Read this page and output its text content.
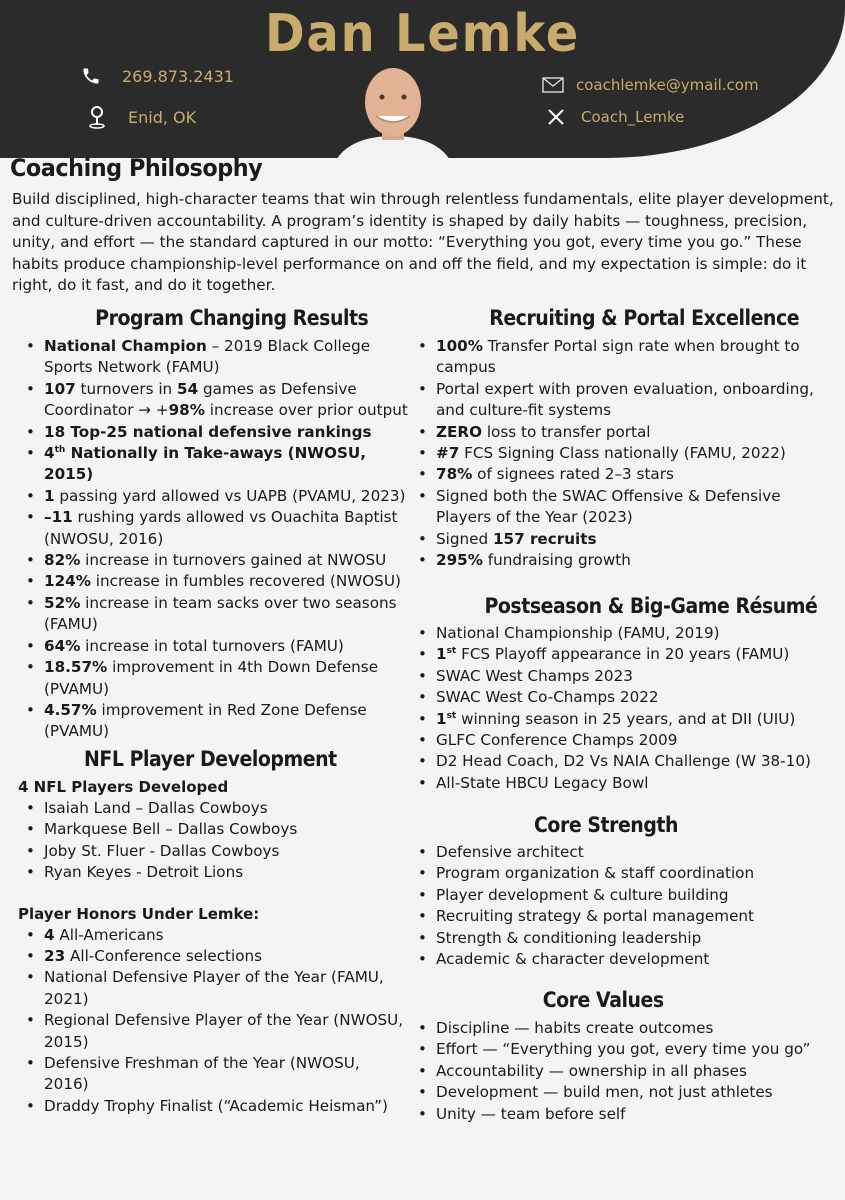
Dan Lemke
269.873.2431
Enid, OK
coachlemke@ymail.com
Coach_Lemke
Coaching Philosophy
Build disciplined, high-character teams that win through relentless fundamentals, elite player development, and culture-driven accountability. A program’s identity is shaped by daily habits — toughness, precision, unity, and effort — the standard captured in our motto: “Everything you got, every time you go.” These habits produce championship-level performance on and off the field, and my expectation is simple: do it right, do it fast, and do it together.
Program Changing Results
• National Champion – 2019 Black College Sports Network (FAMU)
• 107 turnovers in 54 games as Defensive Coordinator → +98% increase over prior output
• 18 Top-25 national defensive rankings
• 4th Nationally in Take-aways (NWOSU, 2015)
• 1 passing yard allowed vs UAPB (PVAMU, 2023)
• –11 rushing yards allowed vs Ouachita Baptist (NWOSU, 2016)
• 82% increase in turnovers gained at NWOSU
• 124% increase in fumbles recovered (NWOSU)
• 52% increase in team sacks over two seasons (FAMU)
• 64% increase in total turnovers (FAMU)
• 18.57% improvement in 4th Down Defense (PVAMU)
• 4.57% improvement in Red Zone Defense (PVAMU)
NFL Player Development
4 NFL Players Developed
• Isaiah Land – Dallas Cowboys
• Markquese Bell – Dallas Cowboys
• Joby St. Fluer - Dallas Cowboys
• Ryan Keyes - Detroit Lions
Player Honors Under Lemke:
• 4 All-Americans
• 23 All-Conference selections
• National Defensive Player of the Year (FAMU, 2021)
• Regional Defensive Player of the Year (NWOSU, 2015)
• Defensive Freshman of the Year (NWOSU, 2016)
• Draddy Trophy Finalist (“Academic Heisman”)
Recruiting & Portal Excellence
• 100% Transfer Portal sign rate when brought to campus
• Portal expert with proven evaluation, onboarding, and culture-fit systems
• ZERO loss to transfer portal
• #7 FCS Signing Class nationally (FAMU, 2022)
• 78% of signees rated 2–3 stars
• Signed both the SWAC Offensive & Defensive Players of the Year (2023)
• Signed 157 recruits
• 295% fundraising growth
Postseason & Big-Game Résumé
• National Championship (FAMU, 2019)
• 1st FCS Playoff appearance in 20 years (FAMU)
• SWAC West Champs 2023
• SWAC West Co-Champs 2022
• 1st winning season in 25 years, and at DII (UIU)
• GLFC Conference Champs 2009
• D2 Head Coach, D2 Vs NAIA Challenge (W 38-10)
• All-State HBCU Legacy Bowl
Core Strength
• Defensive architect
• Program organization & staff coordination
• Player development & culture building
• Recruiting strategy & portal management
• Strength & conditioning leadership
• Academic & character development
Core Values
• Discipline — habits create outcomes
• Effort — “Everything you got, every time you go”
• Accountability — ownership in all phases
• Development — build men, not just athletes
• Unity — team before self
